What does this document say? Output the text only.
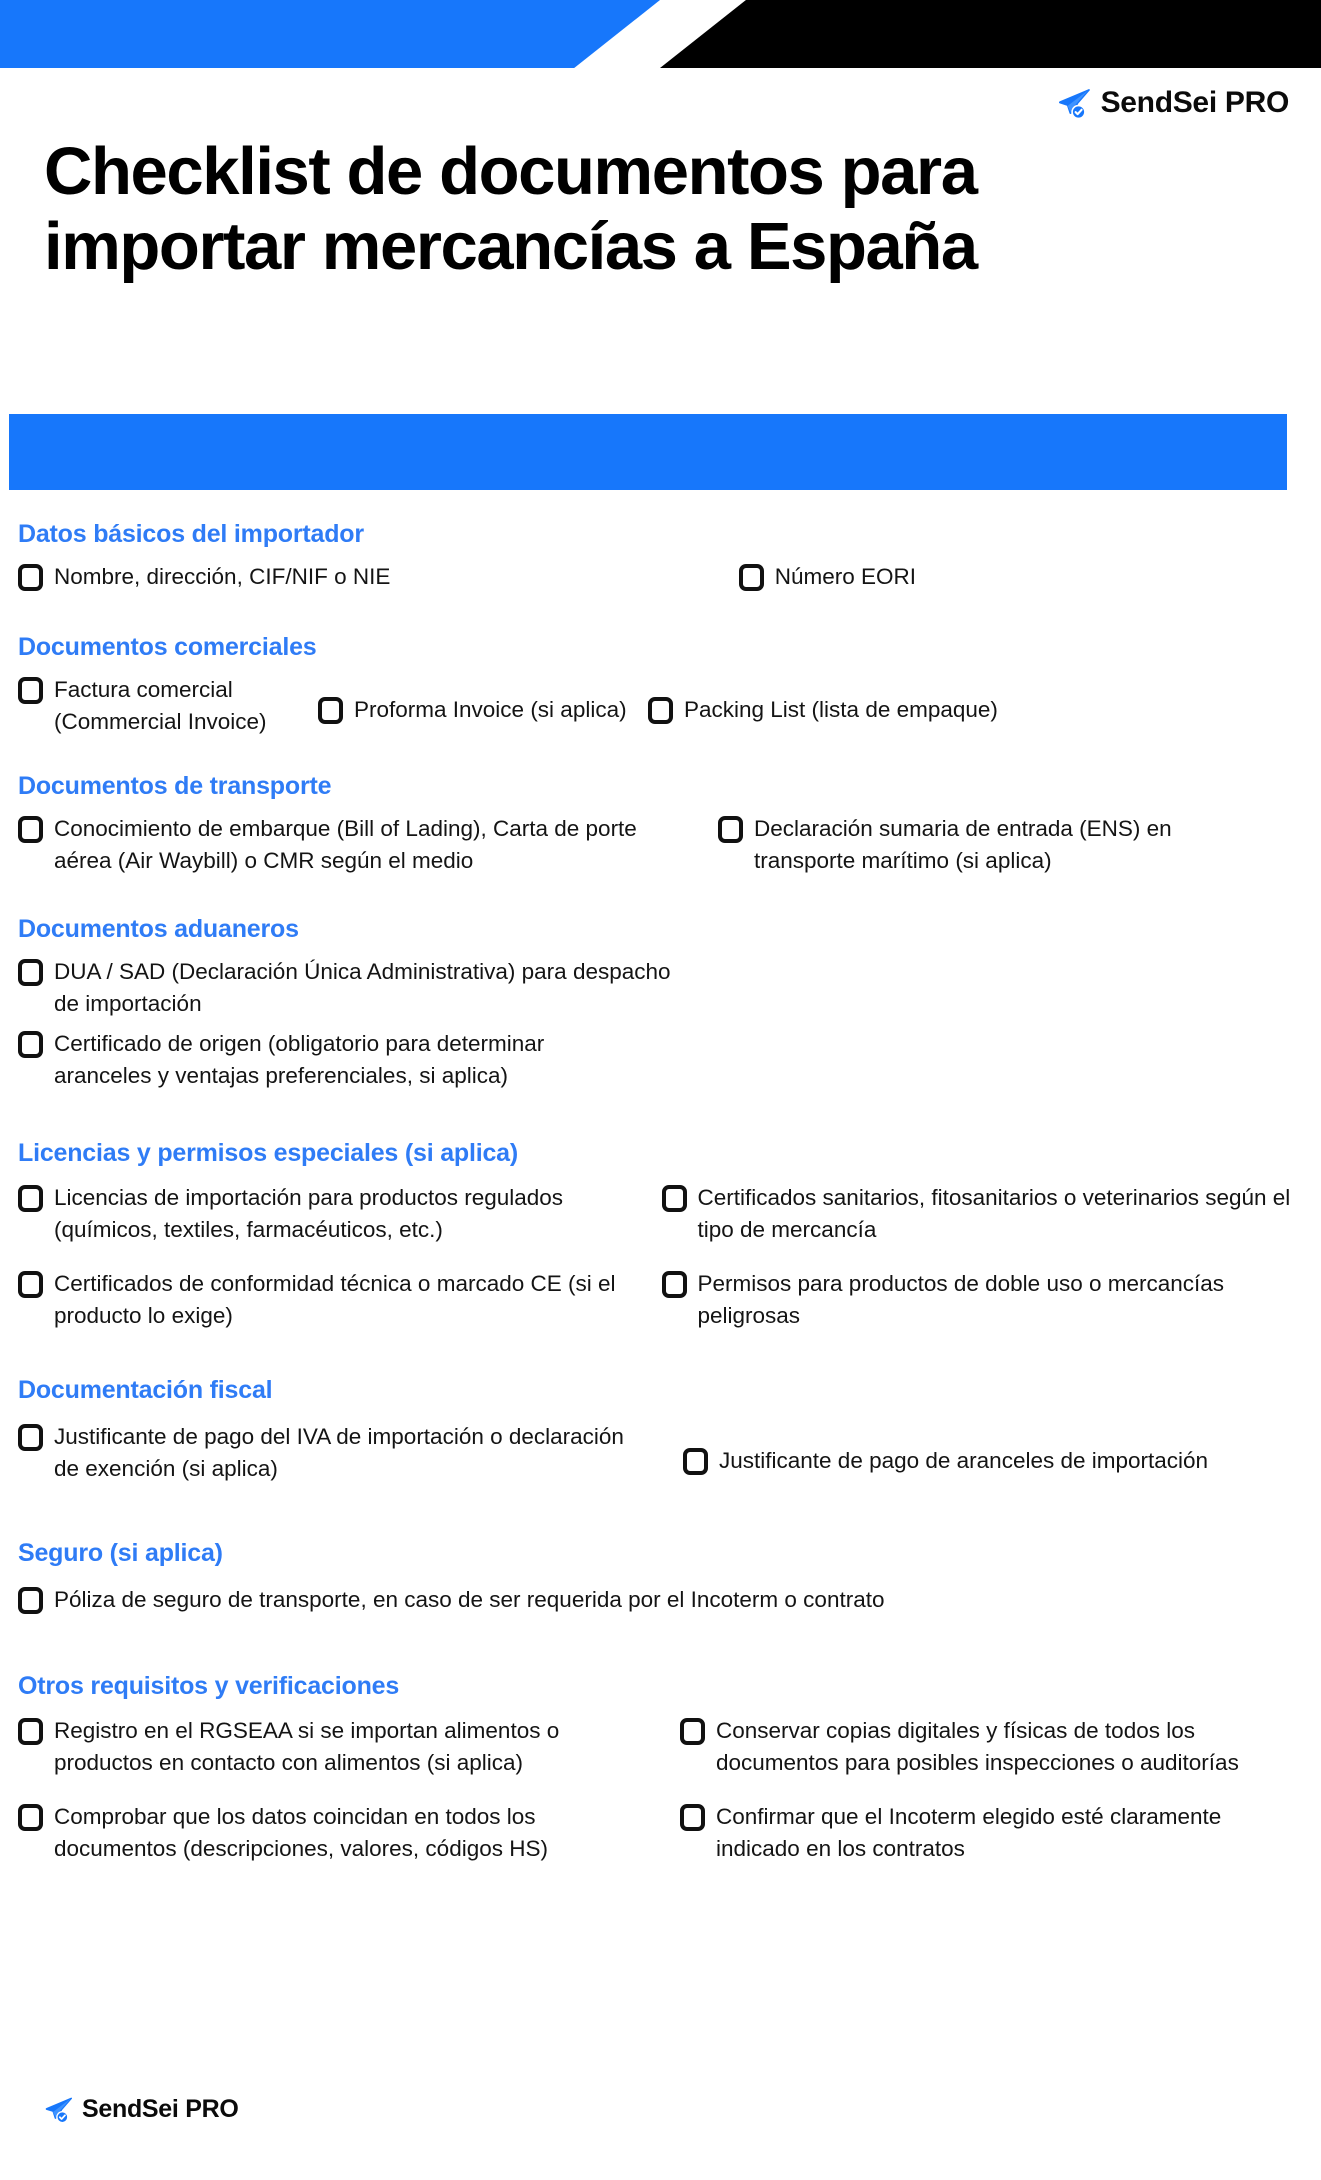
SendSei PRO
Checklist de documentos para importar mercancías a España
Datos básicos del importador
Nombre, dirección, CIF/NIF o NIE	Número EORI
Documentos comerciales
Factura comercial (Commercial Invoice)	Proforma Invoice (si aplica)	Packing List (lista de empaque)
Documentos de transporte
Conocimiento de embarque (Bill of Lading), Carta de porte aérea (Air Waybill) o CMR según el medio
Declaración sumaria de entrada (ENS) en transporte marítimo (si aplica)
Documentos aduaneros
DUA / SAD (Declaración Única Administrativa) para despacho de importación
Certificado de origen (obligatorio para determinar aranceles y ventajas preferenciales, si aplica)
Licencias y permisos especiales (si aplica)
Licencias de importación para productos regulados (químicos, textiles, farmacéuticos, etc.)
Certificados sanitarios, fitosanitarios o veterinarios según el tipo de mercancía
Certificados de conformidad técnica o marcado CE (si el producto lo exige)
Permisos para productos de doble uso o mercancías peligrosas
Documentación fiscal
Justificante de pago del IVA de importación o declaración de exención (si aplica)	Justificante de pago de aranceles de importación
Seguro (si aplica)
Póliza de seguro de transporte, en caso de ser requerida por el Incoterm o contrato
Otros requisitos y verificaciones
Registro en el RGSEAA si se importan alimentos o productos en contacto con alimentos (si aplica)
Conservar copias digitales y físicas de todos los documentos para posibles inspecciones o auditorías
Comprobar que los datos coincidan en todos los documentos (descripciones, valores, códigos HS)
Confirmar que el Incoterm elegido esté claramente indicado en los contratos
SendSei PRO
